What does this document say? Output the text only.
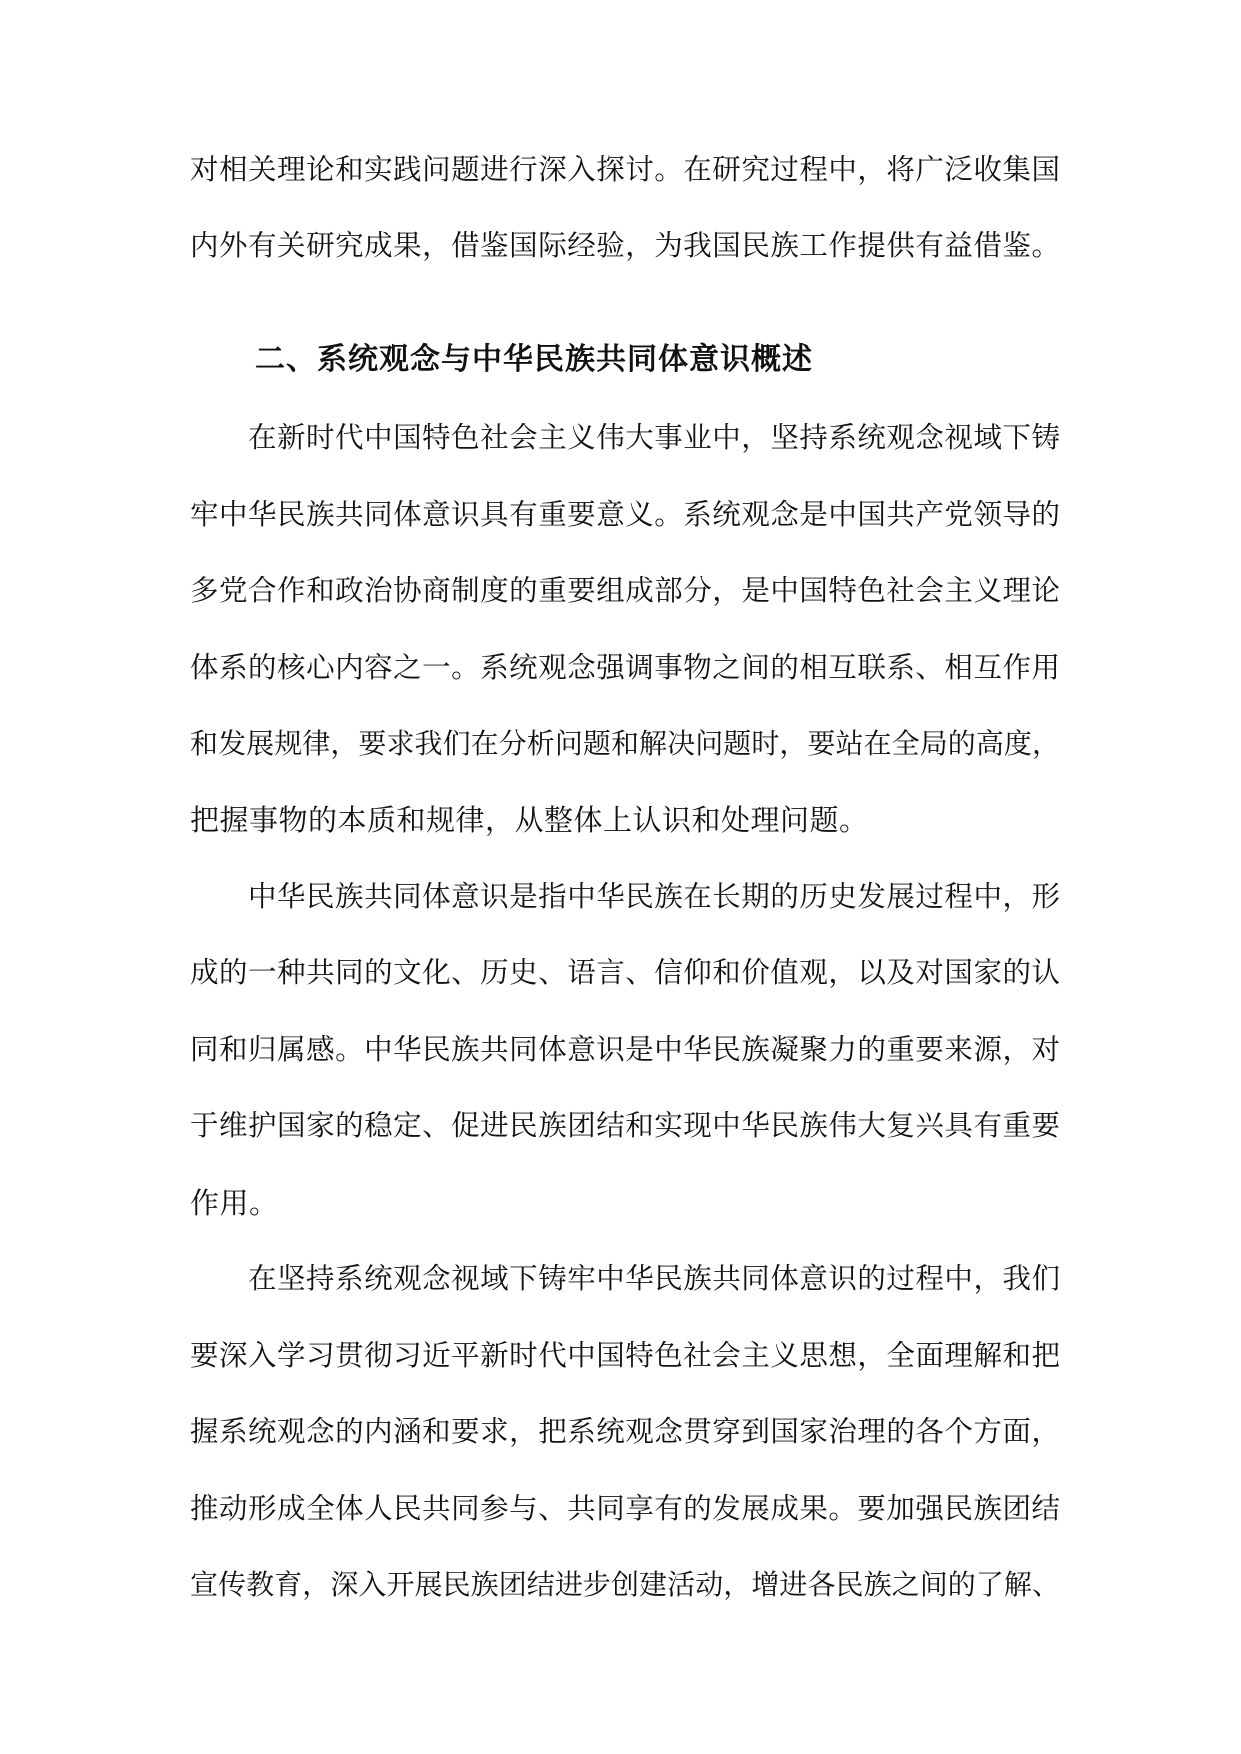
对相关理论和实践问题进行深入探讨。在研究过程中，将广泛收集国
内外有关研究成果，借鉴国际经验，为我国民族工作提供有益借鉴。
二、系统观念与中华民族共同体意识概述
在新时代中国特色社会主义伟大事业中，坚持系统观念视域下铸
牢中华民族共同体意识具有重要意义。系统观念是中国共产党领导的
多党合作和政治协商制度的重要组成部分，是中国特色社会主义理论
体系的核心内容之一。系统观念强调事物之间的相互联系、相互作用
和发展规律，要求我们在分析问题和解决问题时，要站在全局的高度，
把握事物的本质和规律，从整体上认识和处理问题。
中华民族共同体意识是指中华民族在长期的历史发展过程中，形
成的一种共同的文化、历史、语言、信仰和价值观，以及对国家的认
同和归属感。中华民族共同体意识是中华民族凝聚力的重要来源，对
于维护国家的稳定、促进民族团结和实现中华民族伟大复兴具有重要
作用。
在坚持系统观念视域下铸牢中华民族共同体意识的过程中，我们
要深入学习贯彻习近平新时代中国特色社会主义思想，全面理解和把
握系统观念的内涵和要求，把系统观念贯穿到国家治理的各个方面，
推动形成全体人民共同参与、共同享有的发展成果。要加强民族团结
宣传教育，深入开展民族团结进步创建活动，增进各民族之间的了解、
